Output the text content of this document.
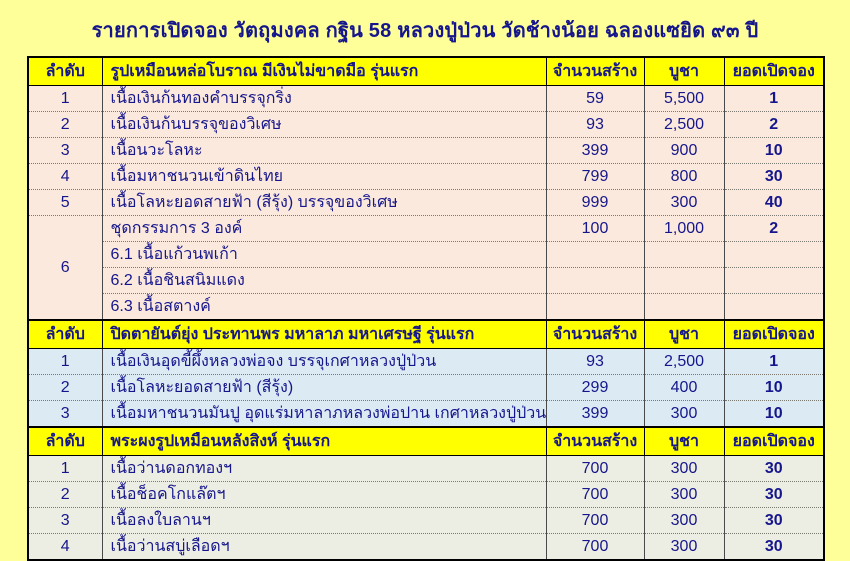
รายการเปิดจอง วัตถุมงคล กฐิน 58 หลวงปู่ป่วน วัดช้างน้อย ฉลองแซยิด ๙๓ ปี
ลำดับ	รูปเหมือนหล่อโบราณ มีเงินไม่ขาดมือ รุ่นแรก	จำนวนสร้าง	บูชา	ยอดเปิดจอง
1	เนื้อเงินก้นทองคำบรรจุกริ่ง	59	5,500	1
2	เนื้อเงินก้นบรรจุของวิเศษ	93	2,500	2
3	เนื้อนวะโลหะ	399	900	10
4	เนื้อมหาชนวนเข้าดินไทย	799	800	30
5	เนื้อโลหะยอดสายฟ้า (สีรุ้ง) บรรจุของวิเศษ	999	300	40
6	ชุดกรรมการ 3 องค์	100	1,000	2
	6.1 เนื้อแก้วนพเก้า			
	6.2 เนื้อชินสนิมแดง			
	6.3 เนื้อสตางค์			
ลำดับ	ปิดตายันต์ยุ่ง ประทานพร มหาลาภ มหาเศรษฐี รุ่นแรก	จำนวนสร้าง	บูชา	ยอดเปิดจอง
1	เนื้อเงินอุดขี้ผึ้งหลวงพ่อจง บรรจุเกศาหลวงปู่ป่วน	93	2,500	1
2	เนื้อโลหะยอดสายฟ้า (สีรุ้ง)	299	400	10
3	เนื้อมหาชนวนมันปู อุดแร่มหาลาภหลวงพ่อปาน เกศาหลวงปู่ป่วน	399	300	10
ลำดับ	พระผงรูปเหมือนหลังสิงห์ รุ่นแรก	จำนวนสร้าง	บูชา	ยอดเปิดจอง
1	เนื้อว่านดอกทองฯ	700	300	30
2	เนื้อช็อคโกแล๊ตฯ	700	300	30
3	เนื้อลงใบลานฯ	700	300	30
4	เนื้อว่านสบู่เลือดฯ	700	300	30
